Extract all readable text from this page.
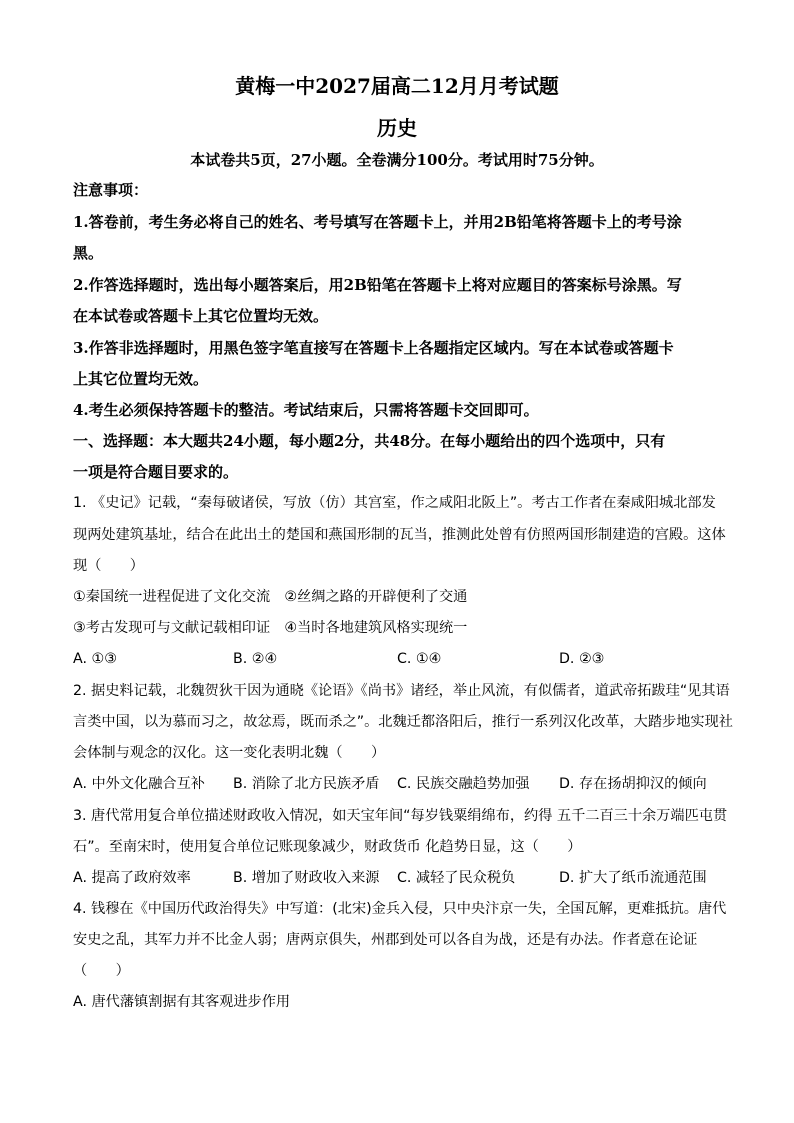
黄梅一中2027届高二12月月考试题
历史
本试卷共5页，27小题。全卷满分100分。考试用时75分钟。
注意事项：
1.答卷前，考生务必将自己的姓名、考号填写在答题卡上，并用2B铅笔将答题卡上的考号涂
黑。
2.作答选择题时，选出每小题答案后，用2B铅笔在答题卡上将对应题目的答案标号涂黑。写
在本试卷或答题卡上其它位置均无效。
3.作答非选择题时，用黑色签字笔直接写在答题卡上各题指定区域内。写在本试卷或答题卡
上其它位置均无效。
4.考生必须保持答题卡的整洁。考试结束后，只需将答题卡交回即可。
一、选择题：本大题共24小题，每小题2分，共48分。在每小题给出的四个选项中，只有
一项是符合题目要求的。
1. 《史记》记载，“秦每破诸侯，写放（仿）其宫室，作之咸阳北阪上”。考古工作者在秦咸阳城北部发
现两处建筑基址，结合在此出土的楚国和燕国形制的瓦当，推测此处曾有仿照两国形制建造的宫殿。这体
现（　　）
①秦国统一进程促进了文化交流　②丝绸之路的开辟便利了交通
③考古发现可与文献记载相印证　④当时各地建筑风格实现统一
A. ①③	B. ②④	C. ①④	D. ②③
2. 据史料记载，北魏贺狄干因为通晓《论语》《尚书》诸经，举止风流，有似儒者，道武帝拓跋珪“见其语
言类中国，以为慕而习之，故忿焉，既而杀之”。北魏迁都洛阳后，推行一系列汉化改革，大踏步地实现社
会体制与观念的汉化。这一变化表明北魏（　　）
A. 中外文化融合互补 B. 消除了北方民族矛盾 C. 民族交融趋势加强 D. 存在扬胡抑汉的倾向
3. 唐代常用复合单位描述财政收入情况，如天宝年间“每岁钱粟绢绵布，约得 五千二百三十余万端匹屯贯
石”。至南宋时，使用复合单位记账现象减少，财政货币 化趋势日显，这（　　）
A. 提高了政府效率	B. 增加了财政收入来源 C. 减轻了民众税负	D. 扩大了纸币流通范围
4. 钱穆在《中国历代政治得失》中写道：(北宋)金兵入侵，只中央汴京一失，全国瓦解，更难抵抗。唐代
安史之乱，其军力并不比金人弱；唐两京俱失，州郡到处可以各自为战，还是有办法。作者意在论证
（　　）
A. 唐代藩镇割据有其客观进步作用
